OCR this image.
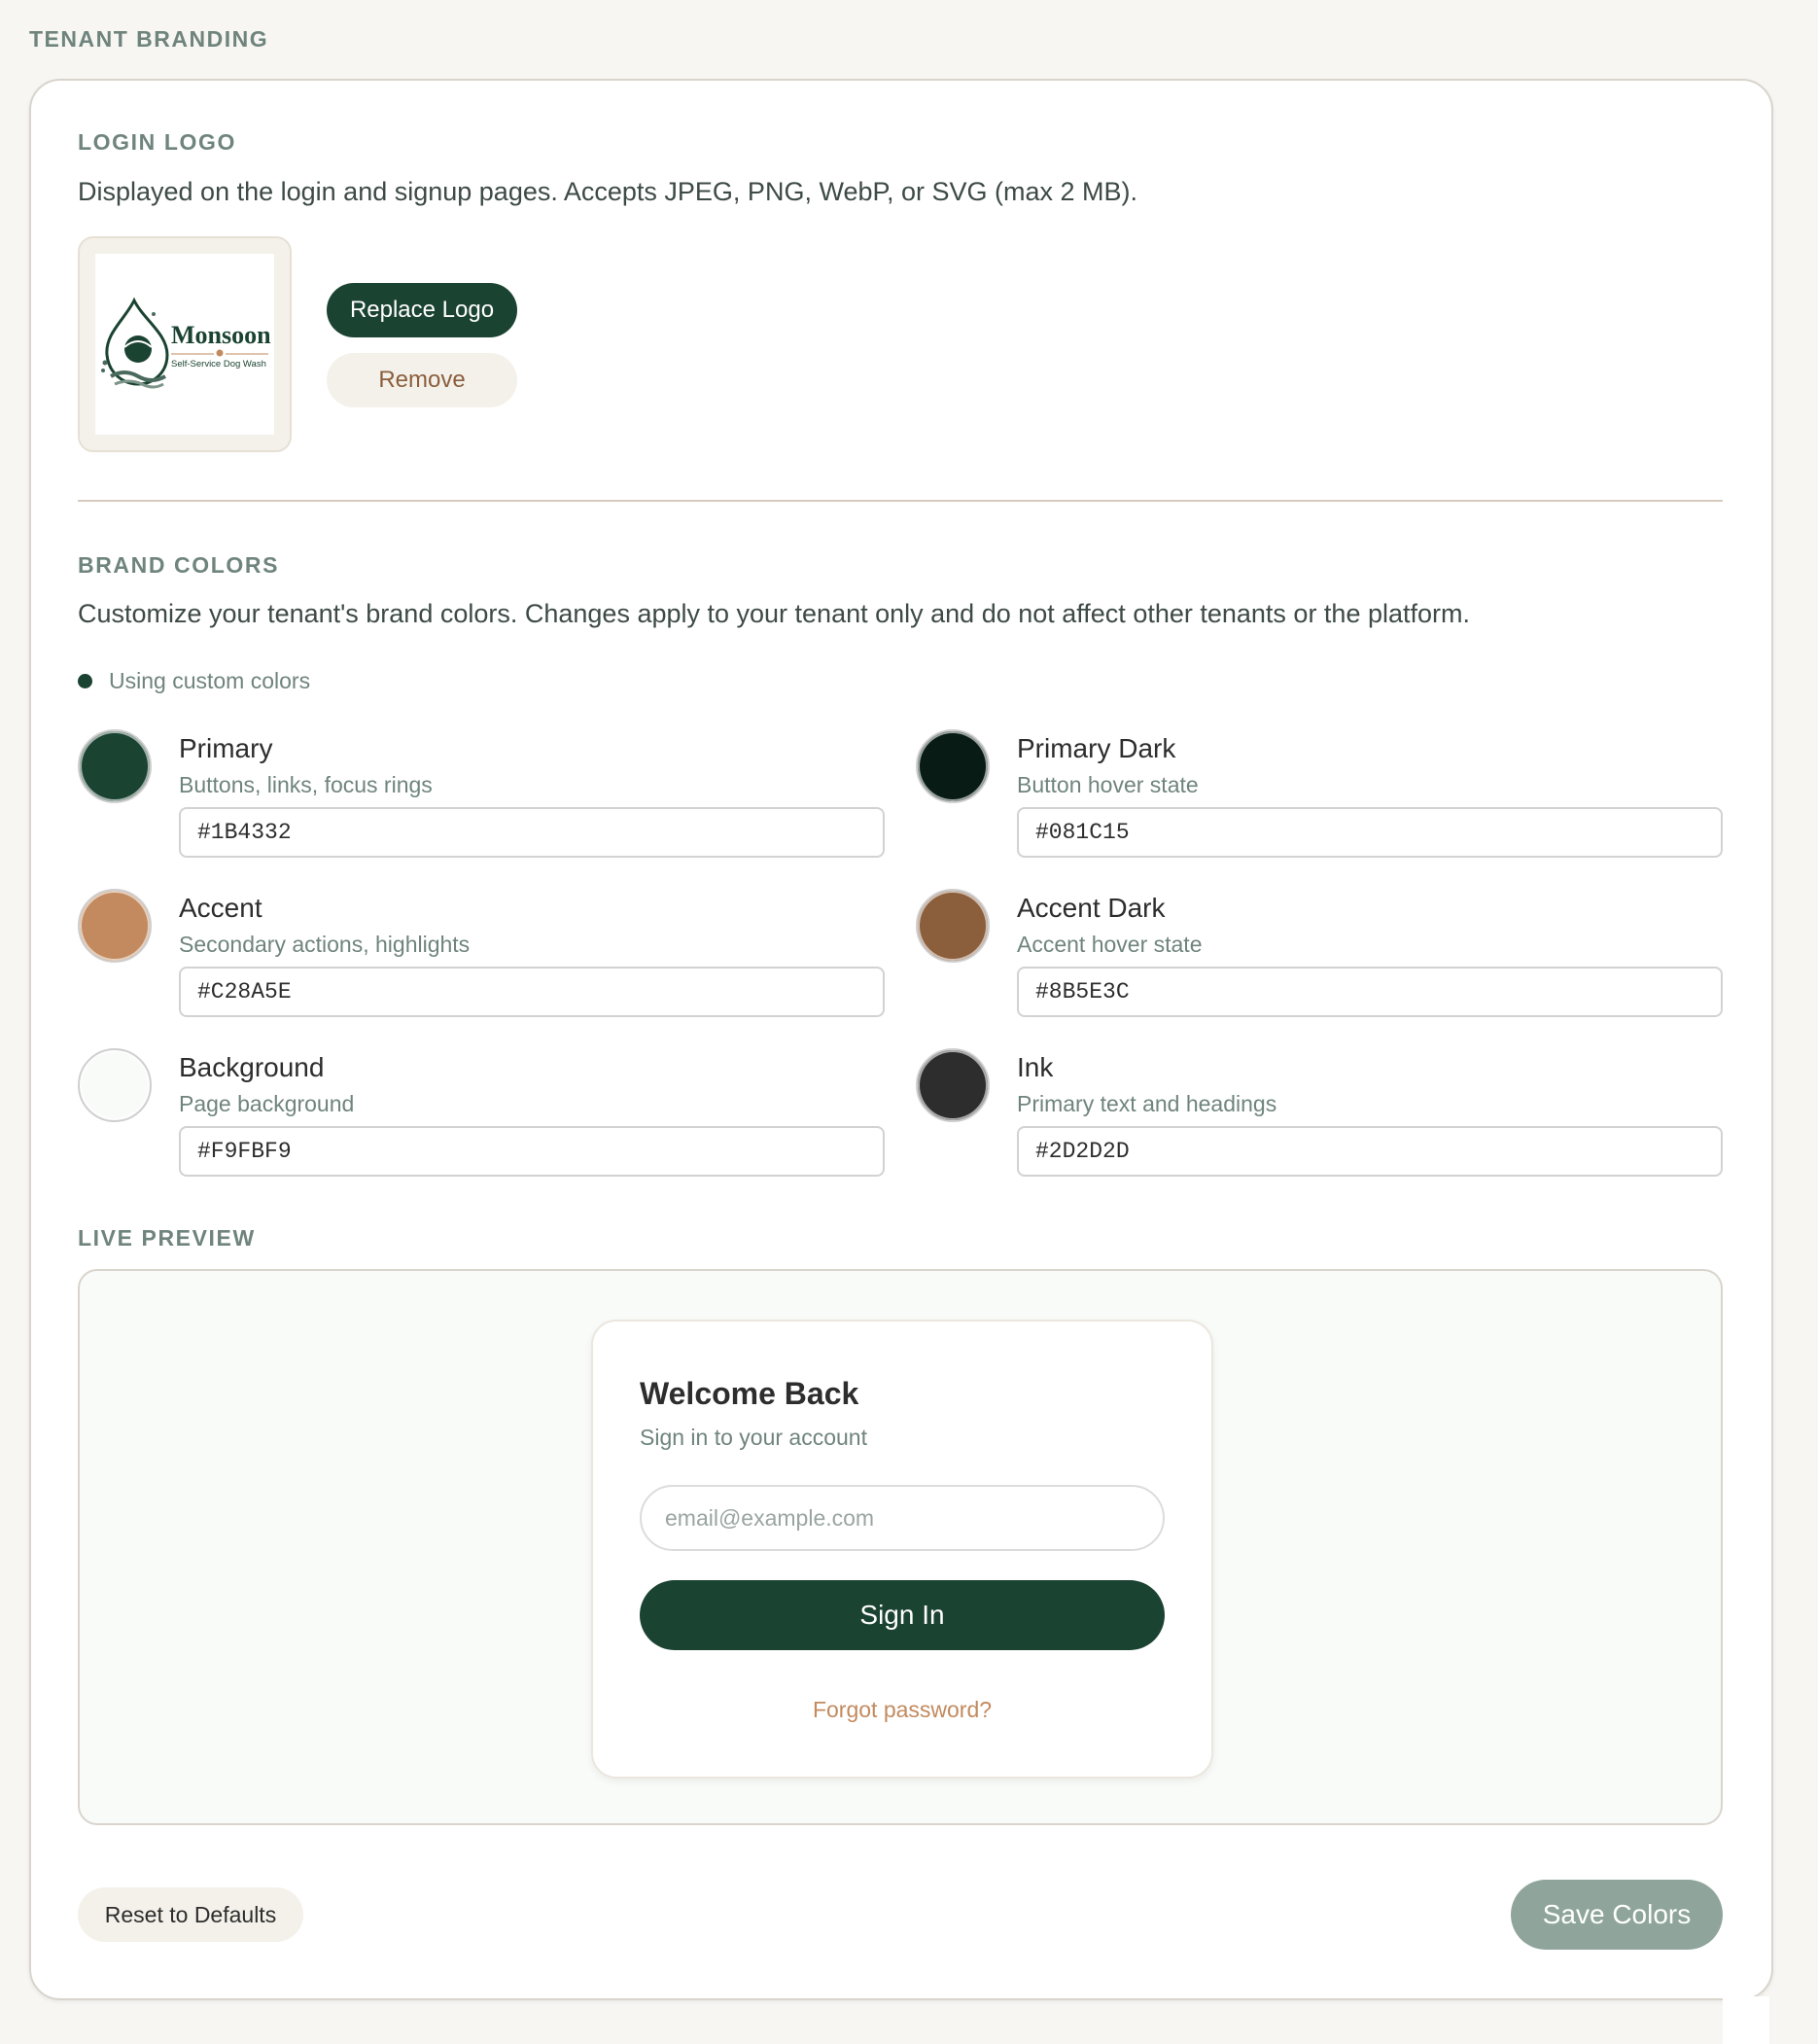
TENANT BRANDING
LOGIN LOGO
Displayed on the login and signup pages. Accepts JPEG, PNG, WebP, or SVG (max 2 MB).
Monsoon
Self-Service Dog Wash
Replace Logo
Remove
BRAND COLORS
Customize your tenant's brand colors. Changes apply to your tenant only and do not affect other tenants or the platform.
Using custom colors
Primary
Buttons, links, focus rings
#1B4332
Primary Dark
Button hover state
#081C15
Accent
Secondary actions, highlights
#C28A5E
Accent Dark
Accent hover state
#8B5E3C
Background
Page background
#F9FBF9
Ink
Primary text and headings
#2D2D2D
LIVE PREVIEW
Welcome Back
Sign in to your account
email@example.com
Sign In
Forgot password?
Reset to Defaults	Save Colors
